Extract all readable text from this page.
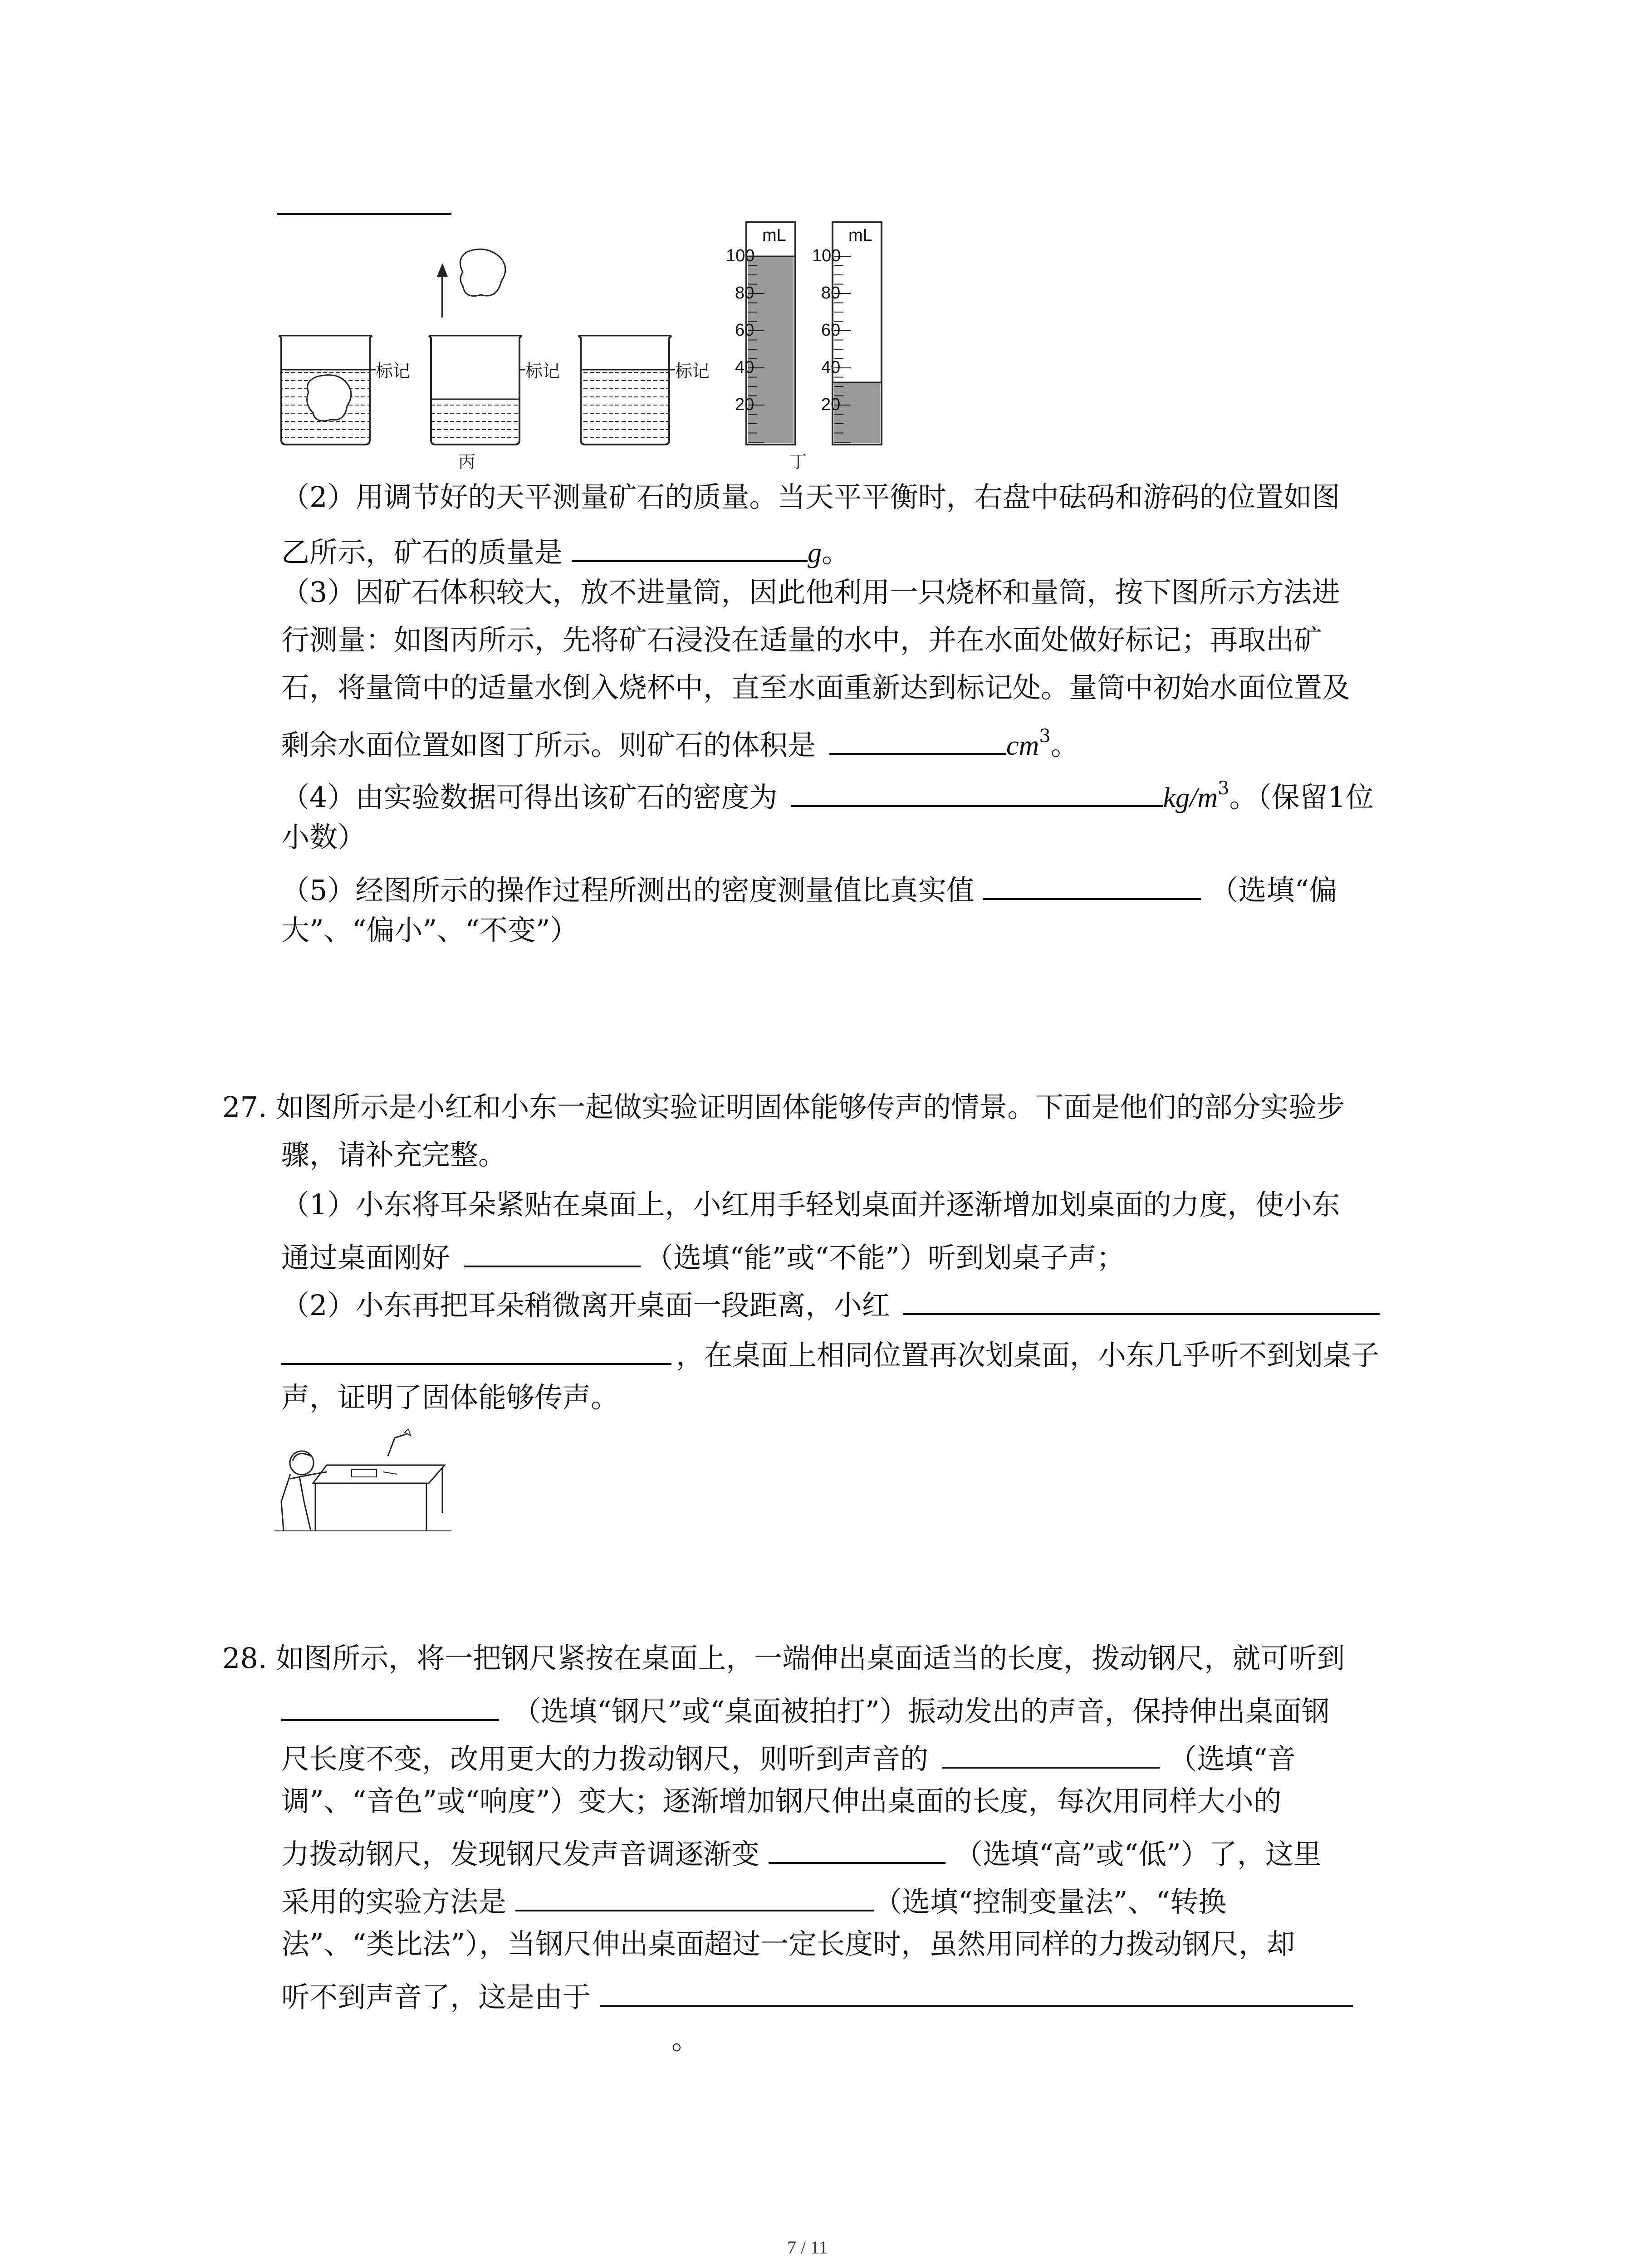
标记	标记	标记
丙	丁
mL	mL
100
80
60
40
20
100
80
60
40
20
（2）用调节好的天平测量矿石的质量。当天平平衡时，右盘中砝码和游码的位置如图
乙所示，矿石的质量是	g。
（3）因矿石体积较大，放不进量筒，因此他利用一只烧杯和量筒，按下图所示方法进
行测量：如图丙所示，先将矿石浸没在适量的水中，并在水面处做好标记；再取出矿
石，将量筒中的适量水倒入烧杯中，直至水面重新达到标记处。量筒中初始水面位置及
剩余水面位置如图丁所示。则矿石的体积是	$cm^3$。
（4）由实验数据可得出该矿石的密度为	$kg/m^3$。（保留1位
小数）
（5）经图所示的操作过程所测出的密度测量值比真实值	（选填“偏
大”、“偏小”、“不变”）
27. 如图所示是小红和小东一起做实验证明固体能够传声的情景。下面是他们的部分实验步
骤，请补充完整。
（1）小东将耳朵紧贴在桌面上，小红用手轻划桌面并逐渐增加划桌面的力度，使小东
通过桌面刚好	（选填“能”或“不能”）听到划桌子声；
（2）小东再把耳朵稍微离开桌面一段距离，小红
，在桌面上相同位置再次划桌面，小东几乎听不到划桌子
声，证明了固体能够传声。
28. 如图所示，将一把钢尺紧按在桌面上，一端伸出桌面适当的长度，拨动钢尺，就可听到
（选填“钢尺”或“桌面被拍打”）振动发出的声音，保持伸出桌面钢
尺长度不变，改用更大的力拨动钢尺，则听到声音的	（选填“音
调”、“音色”或“响度”）变大；逐渐增加钢尺伸出桌面的长度，每次用同样大小的
力拨动钢尺，发现钢尺发声音调逐渐变	（选填“高”或“低”）了，这里
采用的实验方法是	（选填“控制变量法”、“转换
法”、“类比法”），当钢尺伸出桌面超过一定长度时，虽然用同样的力拨动钢尺，却
听不到声音了，这是由于
。
7 / 11
